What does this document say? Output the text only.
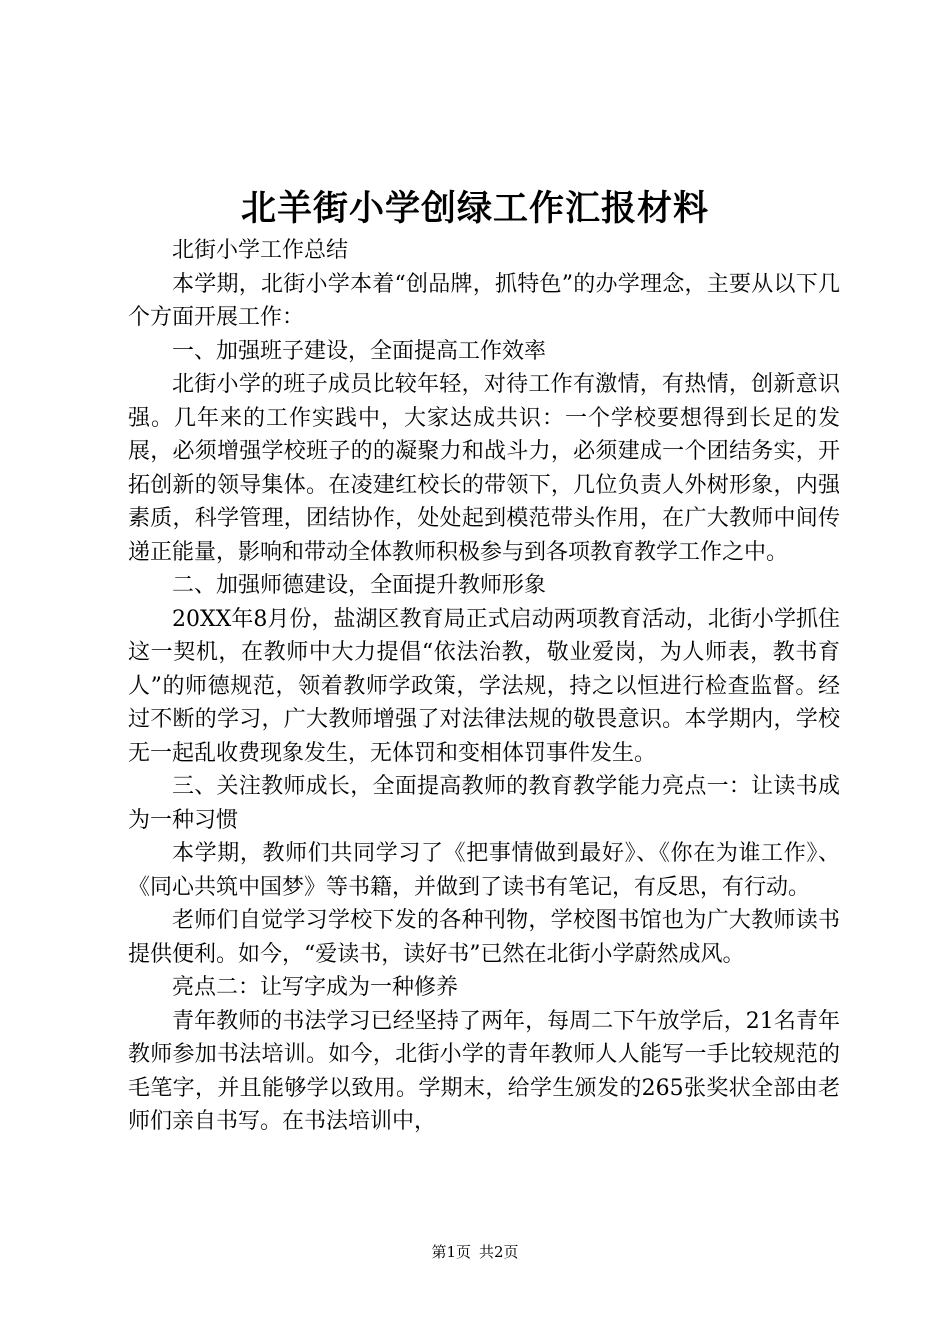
北羊街小学创绿工作汇报材料

北街小学工作总结

本学期，北街小学本着“创品牌，抓特色”的办学理念，主要从以下几个方面开展工作：

一、加强班子建设，全面提高工作效率

北街小学的班子成员比较年轻，对待工作有激情，有热情，创新意识强。几年来的工作实践中，大家达成共识：一个学校要想得到长足的发展，必须增强学校班子的的凝聚力和战斗力，必须建成一个团结务实，开拓创新的领导集体。在凌建红校长的带领下，几位负责人外树形象，内强素质，科学管理，团结协作，处处起到模范带头作用，在广大教师中间传递正能量，影响和带动全体教师积极参与到各项教育教学工作之中。

二、加强师德建设，全面提升教师形象

20XX年8月份，盐湖区教育局正式启动两项教育活动，北街小学抓住这一契机，在教师中大力提倡“依法治教，敬业爱岗，为人师表，教书育人”的师德规范，领着教师学政策，学法规，持之以恒进行检查监督。经过不断的学习，广大教师增强了对法律法规的敬畏意识。本学期内，学校无一起乱收费现象发生，无体罚和变相体罚事件发生。

三、关注教师成长，全面提高教师的教育教学能力亮点一：让读书成为一种习惯

本学期，教师们共同学习了《把事情做到最好》、《你在为谁工作》、《同心共筑中国梦》等书籍，并做到了读书有笔记，有反思，有行动。

老师们自觉学习学校下发的各种刊物，学校图书馆也为广大教师读书提供便利。如今，“爱读书，读好书”已然在北街小学蔚然成风。

亮点二：让写字成为一种修养

青年教师的书法学习已经坚持了两年，每周二下午放学后，21名青年教师参加书法培训。如今，北街小学的青年教师人人能写一手比较规范的毛笔字，并且能够学以致用。学期末，给学生颁发的265张奖状全部由老师们亲自书写。在书法培训中，

第1页 共2页
